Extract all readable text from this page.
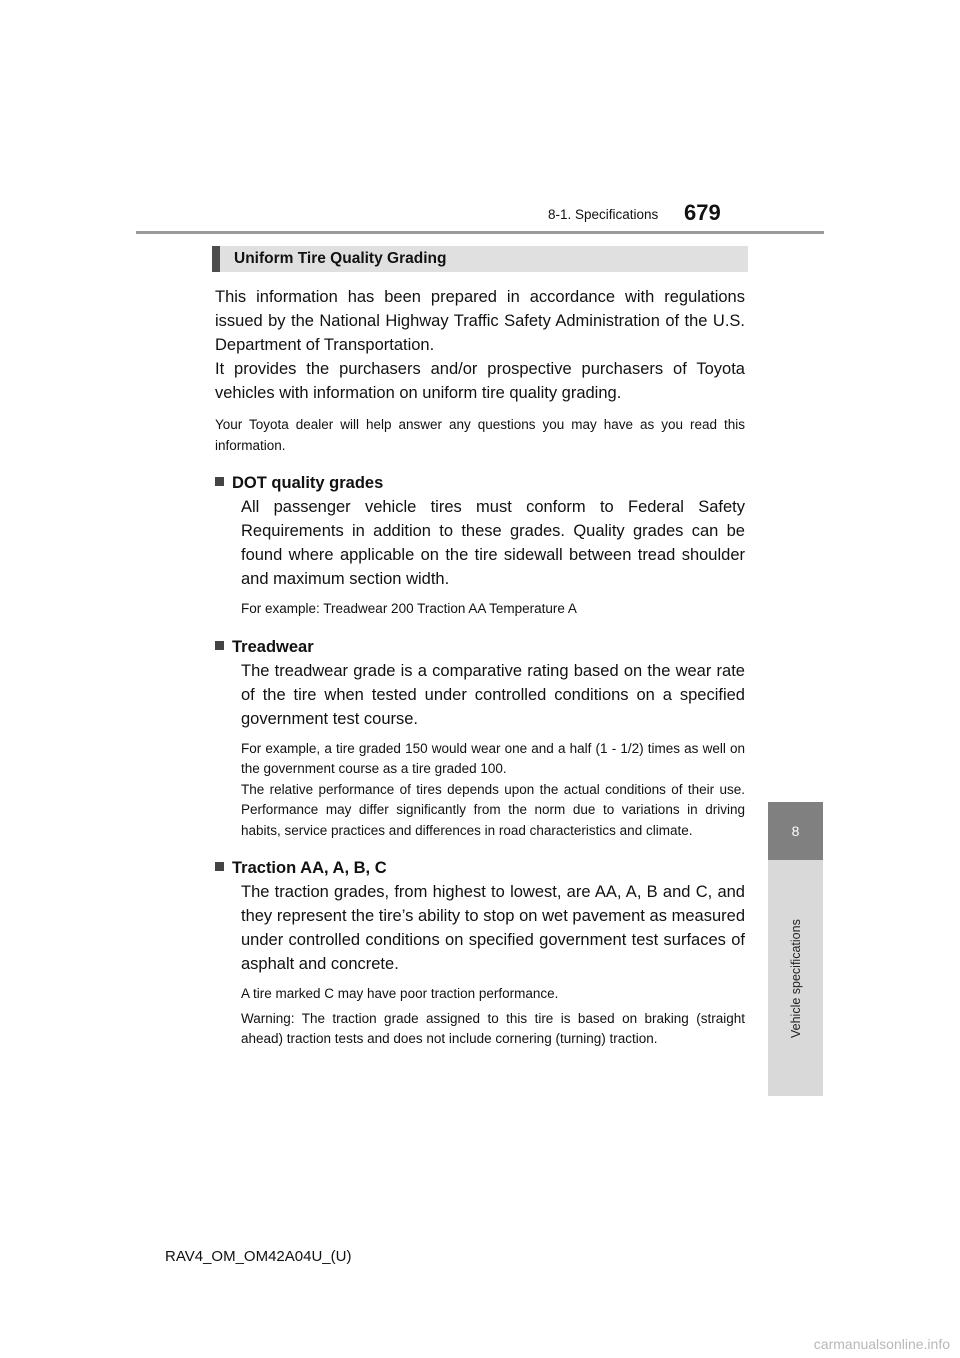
8-1. Specifications 679
8
Vehicle specifications
Uniform Tire Quality Grading

This information has been prepared in accordance with regulations issued by the National Highway Traffic Safety Administration of the U.S. Department of Transportation.

It provides the purchasers and/or prospective purchasers of Toyota vehicles with information on uniform tire quality grading.

Your Toyota dealer will help answer any questions you may have as you read this information.

DOT quality grades

All passenger vehicle tires must conform to Federal Safety Requirements in addition to these grades. Quality grades can be found where applicable on the tire sidewall between tread shoulder and maximum section width.

For example: Treadwear 200 Traction AA Temperature A

Treadwear

The treadwear grade is a comparative rating based on the wear rate of the tire when tested under controlled conditions on a specified government test course.

For example, a tire graded 150 would wear one and a half (1 - 1/2) times as well on the government course as a tire graded 100.

The relative performance of tires depends upon the actual conditions of their use. Performance may differ significantly from the norm due to variations in driving habits, service practices and differences in road characteristics and climate.

Traction AA, A, B, C

The traction grades, from highest to lowest, are AA, A, B and C, and they represent the tire’s ability to stop on wet pavement as measured under controlled conditions on specified government test surfaces of asphalt and concrete.

A tire marked C may have poor traction performance.

Warning: The traction grade assigned to this tire is based on braking (straight ahead) traction tests and does not include cornering (turning) traction.

RAV4_OM_OM42A04U_(U)
carmanualsonline.info
